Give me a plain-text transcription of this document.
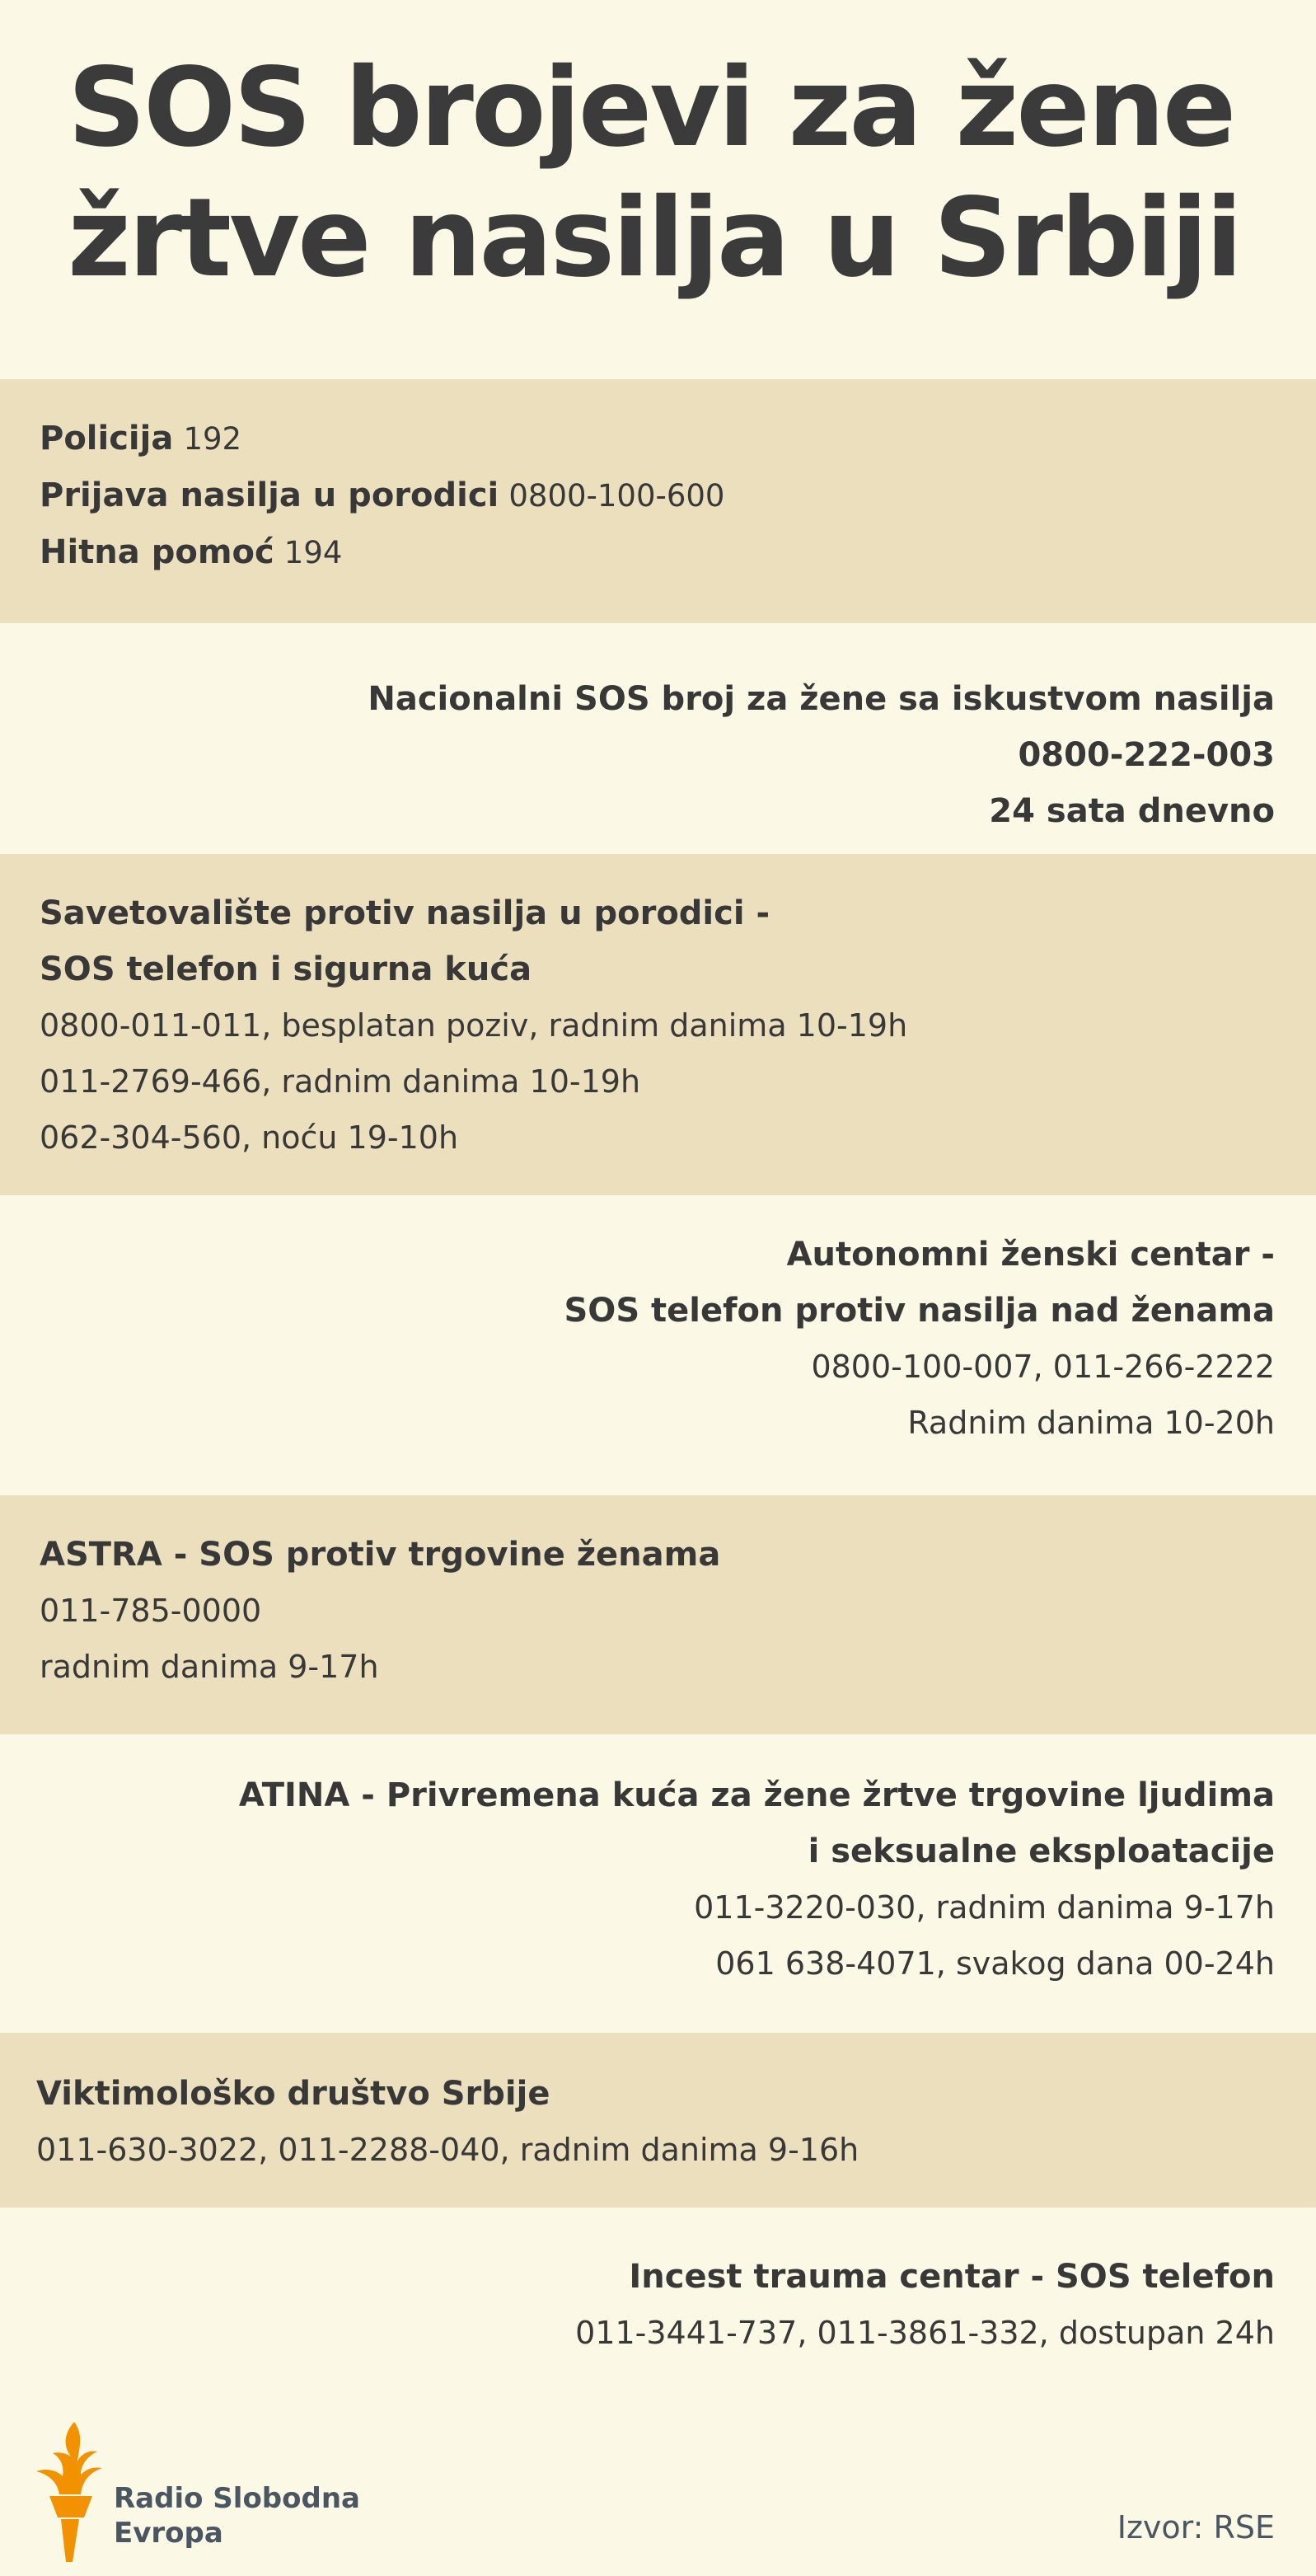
SOS brojevi za žene
žrtve nasilja u Srbiji
Policija 192
Prijava nasilja u porodici 0800-100-600
Hitna pomoć 194
Nacionalni SOS broj za žene sa iskustvom nasilja
0800-222-003
24 sata dnevno
Savetovalište protiv nasilja u porodici -
SOS telefon i sigurna kuća
0800-011-011, besplatan poziv, radnim danima 10-19h
011-2769-466, radnim danima 10-19h
062-304-560, noću 19-10h
Autonomni ženski centar -
SOS telefon protiv nasilja nad ženama
0800-100-007, 011-266-2222
Radnim danima 10-20h
ASTRA - SOS protiv trgovine ženama
011-785-0000
radnim danima 9-17h
ATINA - Privremena kuća za žene žrtve trgovine ljudima
i seksualne eksploatacije
011-3220-030, radnim danima 9-17h
061 638-4071, svakog dana 00-24h
Viktimološko društvo Srbije
011-630-3022, 011-2288-040, radnim danima 9-16h
Incest trauma centar - SOS telefon
011-3441-737, 011-3861-332, dostupan 24h
Radio Slobodna
Evropa	Izvor: RSE
